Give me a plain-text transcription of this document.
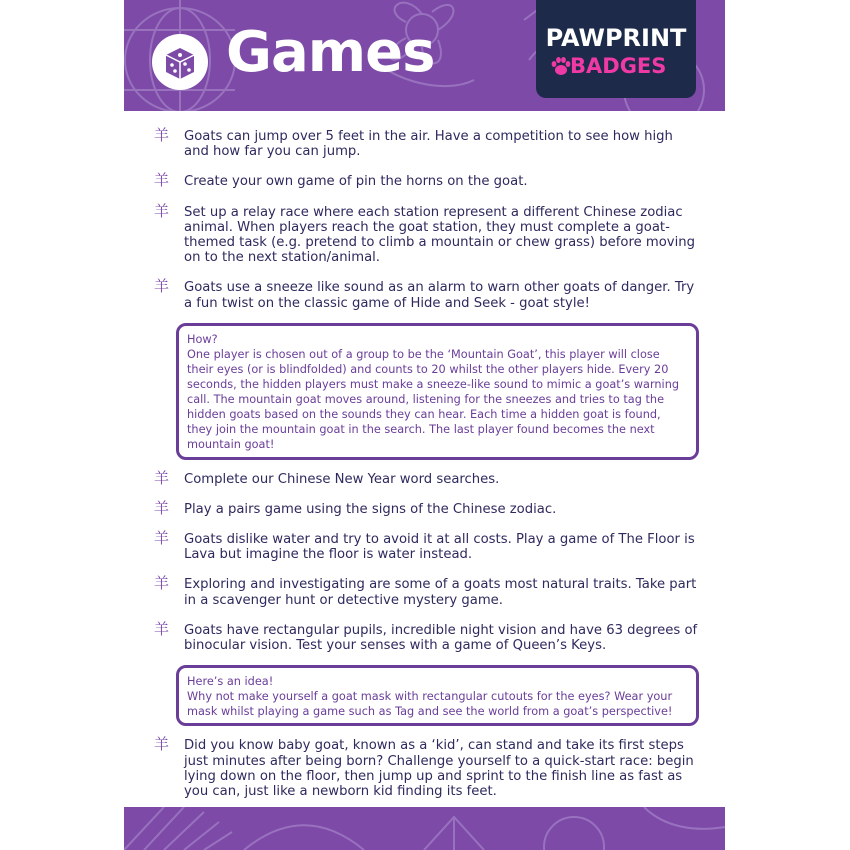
Games	PAWPRINT
BADGES
羊 Goats can jump over 5 feet in the air. Have a competition to see how high and how far you can jump.
羊 Create your own game of pin the horns on the goat.
羊 Set up a relay race where each station represent a different Chinese zodiac animal. When players reach the goat station, they must complete a goat-themed task (e.g. pretend to climb a mountain or chew grass) before moving on to the next station/animal.
羊 Goats use a sneeze like sound as an alarm to warn other goats of danger. Try a fun twist on the classic game of Hide and Seek - goat style!
How?
One player is chosen out of a group to be the ‘Mountain Goat’, this player will close their eyes (or is blindfolded) and counts to 20 whilst the other players hide. Every 20 seconds, the hidden players must make a sneeze-like sound to mimic a goat’s warning call. The mountain goat moves around, listening for the sneezes and tries to tag the hidden goats based on the sounds they can hear. Each time a hidden goat is found, they join the mountain goat in the search. The last player found becomes the next mountain goat!
羊 Complete our Chinese New Year word searches.
羊 Play a pairs game using the signs of the Chinese zodiac.
羊 Goats dislike water and try to avoid it at all costs. Play a game of The Floor is Lava but imagine the floor is water instead.
羊 Exploring and investigating are some of a goats most natural traits. Take part in a scavenger hunt or detective mystery game.
羊 Goats have rectangular pupils, incredible night vision and have 63 degrees of binocular vision. Test your senses with a game of Queen’s Keys.
Here’s an idea!
Why not make yourself a goat mask with rectangular cutouts for the eyes? Wear your mask whilst playing a game such as Tag and see the world from a goat’s perspective!
羊 Did you know baby goat, known as a ‘kid’, can stand and take its first steps just minutes after being born? Challenge yourself to a quick-start race: begin lying down on the floor, then jump up and sprint to the finish line as fast as you can, just like a newborn kid finding its feet.
